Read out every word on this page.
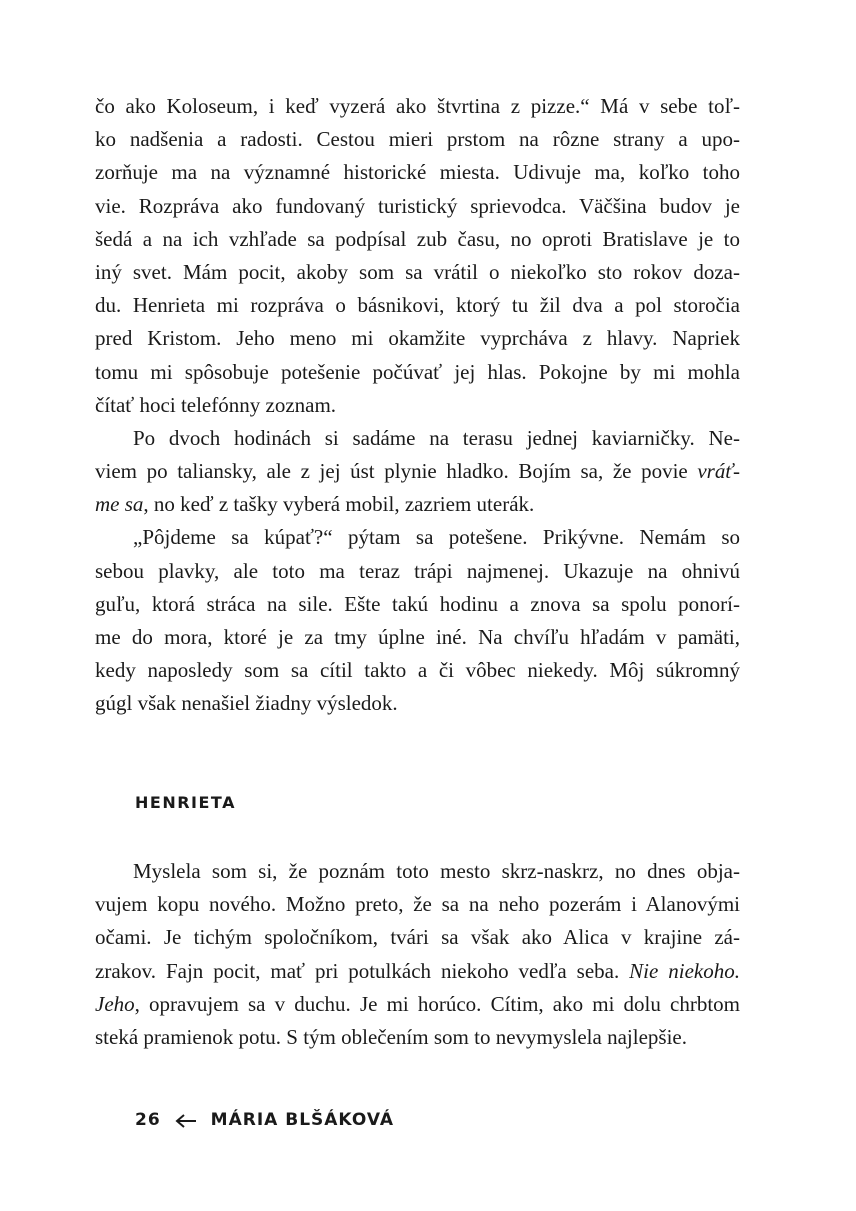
čo ako Koloseum, i keď vyzerá ako štvrtina z pizze.“ Má v sebe toľ-
ko nadšenia a radosti. Cestou mieri prstom na rôzne strany a upo-
zorňuje ma na významné historické miesta. Udivuje ma, koľko toho
vie. Rozpráva ako fundovaný turistický sprievodca. Väčšina budov je
šedá a na ich vzhľade sa podpísal zub času, no oproti Bratislave je to
iný svet. Mám pocit, akoby som sa vrátil o niekoľko sto rokov doza-
du. Henrieta mi rozpráva o básnikovi, ktorý tu žil dva a pol storočia
pred Kristom. Jeho meno mi okamžite vyprcháva z hlavy. Napriek
tomu mi spôsobuje potešenie počúvať jej hlas. Pokojne by mi mohla
čítať hoci telefónny zoznam.
Po dvoch hodinách si sadáme na terasu jednej kaviarničky. Ne-
viem po taliansky, ale z jej úst plynie hladko. Bojím sa, že povie vráť-
me sa, no keď z tašky vyberá mobil, zazriem uterák.
„Pôjdeme sa kúpať?“ pýtam sa potešene. Prikývne. Nemám so
sebou plavky, ale toto ma teraz trápi najmenej. Ukazuje na ohnivú
guľu, ktorá stráca na sile. Ešte takú hodinu a znova sa spolu ponorí-
me do mora, ktoré je za tmy úplne iné. Na chvíľu hľadám v pamäti,
kedy naposledy som sa cítil takto a či vôbec niekedy. Môj súkromný
gúgl však nenašiel žiadny výsledok.
HENRIETA
Myslela som si, že poznám toto mesto skrz-naskrz, no dnes obja-
vujem kopu nového. Možno preto, že sa na neho pozerám i Alanovými
očami. Je tichým spoločníkom, tvári sa však ako Alica v krajine zá-
zrakov. Fajn pocit, mať pri potulkách niekoho vedľa seba. Nie niekoho.
Jeho, opravujem sa v duchu. Je mi horúco. Cítim, ako mi dolu chrbtom
steká pramienok potu. S tým oblečením som to nevymyslela najlepšie.
26	MÁRIA BLŠÁKOVÁ
